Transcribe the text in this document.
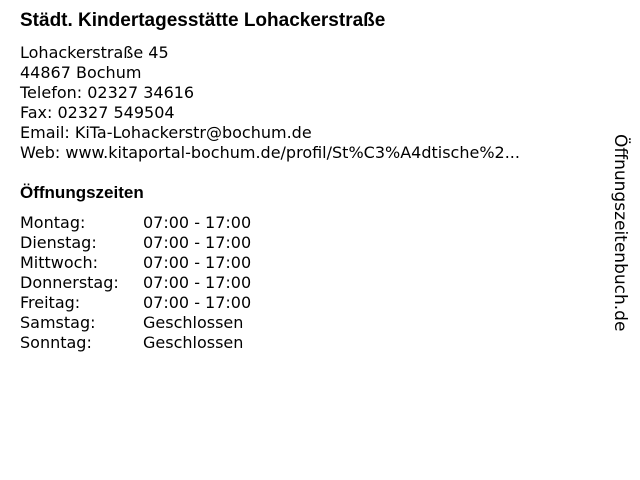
Städt. Kindertagesstätte Lohackerstraße
Lohackerstraße 45
44867 Bochum
Telefon: 02327 34616
Fax: 02327 549504
Email: KiTa-Lohackerstr@bochum.de
Web: www.kitaportal-bochum.de/profil/St%C3%A4dtische%2...
Öffnungszeiten
Montag:	07:00 - 17:00
Dienstag:	07:00 - 17:00
Mittwoch:	07:00 - 17:00
Donnerstag:	07:00 - 17:00
Freitag:	07:00 - 17:00
Samstag:	Geschlossen
Sonntag:	Geschlossen
Öffnungszeitenbuch.de
